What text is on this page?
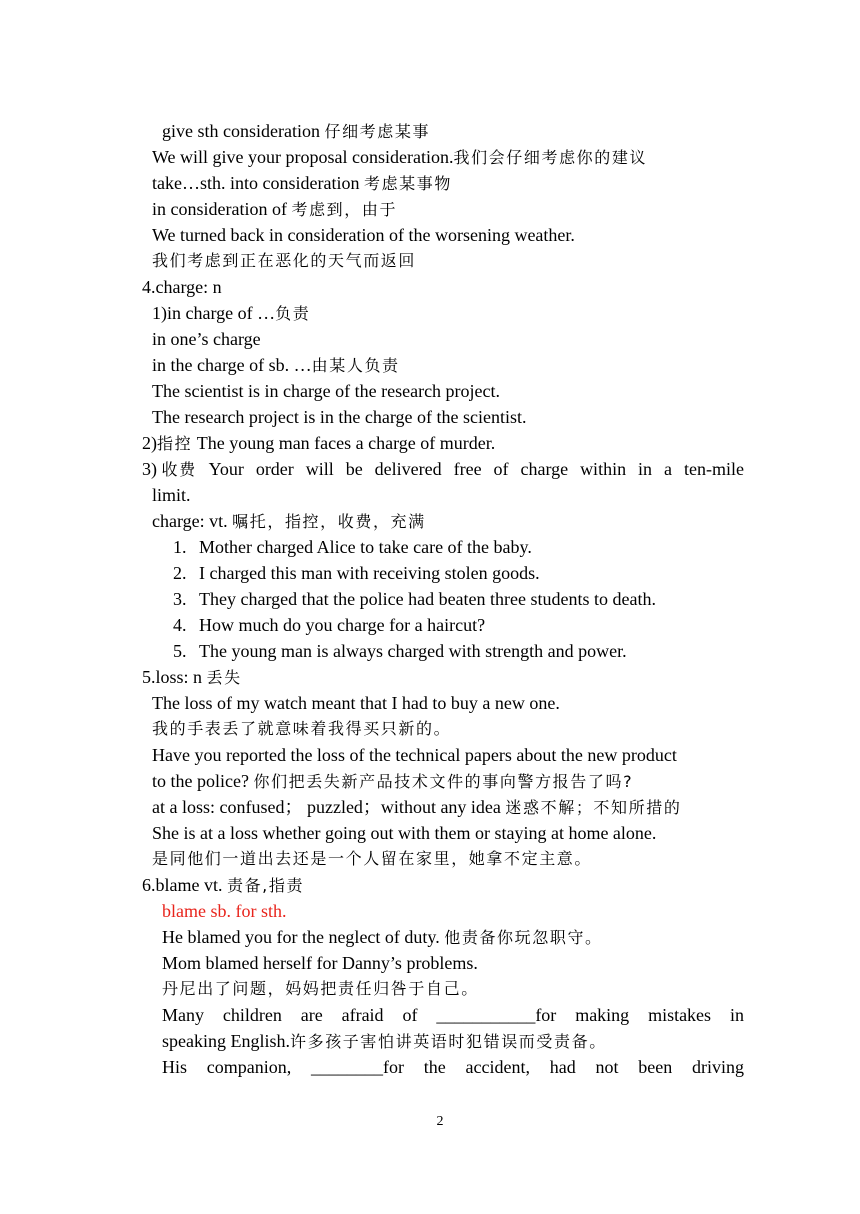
give sth consideration 仔细考虑某事
We will give your proposal consideration.我们会仔细考虑你的建议
take…sth. into consideration 考虑某事物
in consideration of 考虑到，由于
We turned back in consideration of the worsening weather.
我们考虑到正在恶化的天气而返回
4.charge: n
1)in charge of …负责
in one’s charge
in the charge of sb. …由某人负责
The scientist is in charge of the research project.
The research project is in the charge of the scientist.
2)指控 The young man faces a charge of murder.
3) 收费 Your order will be delivered free of charge within in a ten-mile
limit.
charge: vt. 嘱托，指控，收费，充满
1. Mother charged Alice to take care of the baby.
2. I charged this man with receiving stolen goods.
3. They charged that the police had beaten three students to death.
4. How much do you charge for a haircut?
5. The young man is always charged with strength and power.
5.loss: n 丢失
The loss of my watch meant that I had to buy a new one.
我的手表丢了就意味着我得买只新的。
Have you reported the loss of the technical papers about the new product
to the police? 你们把丢失新产品技术文件的事向警方报告了吗?
at a loss: confused； puzzled；without any idea 迷惑不解；不知所措的
She is at a loss whether going out with them or staying at home alone.
是同他们一道出去还是一个人留在家里，她拿不定主意。
6.blame vt. 责备,指责
blame sb. for sth.
He blamed you for the neglect of duty. 他责备你玩忽职守。
Mom blamed herself for Danny’s problems.
丹尼出了问题，妈妈把责任归咎于自己。
Many children are afraid of ___________for making mistakes in
speaking English.许多孩子害怕讲英语时犯错误而受责备。
His companion, ________for the accident, had not been driving
2
